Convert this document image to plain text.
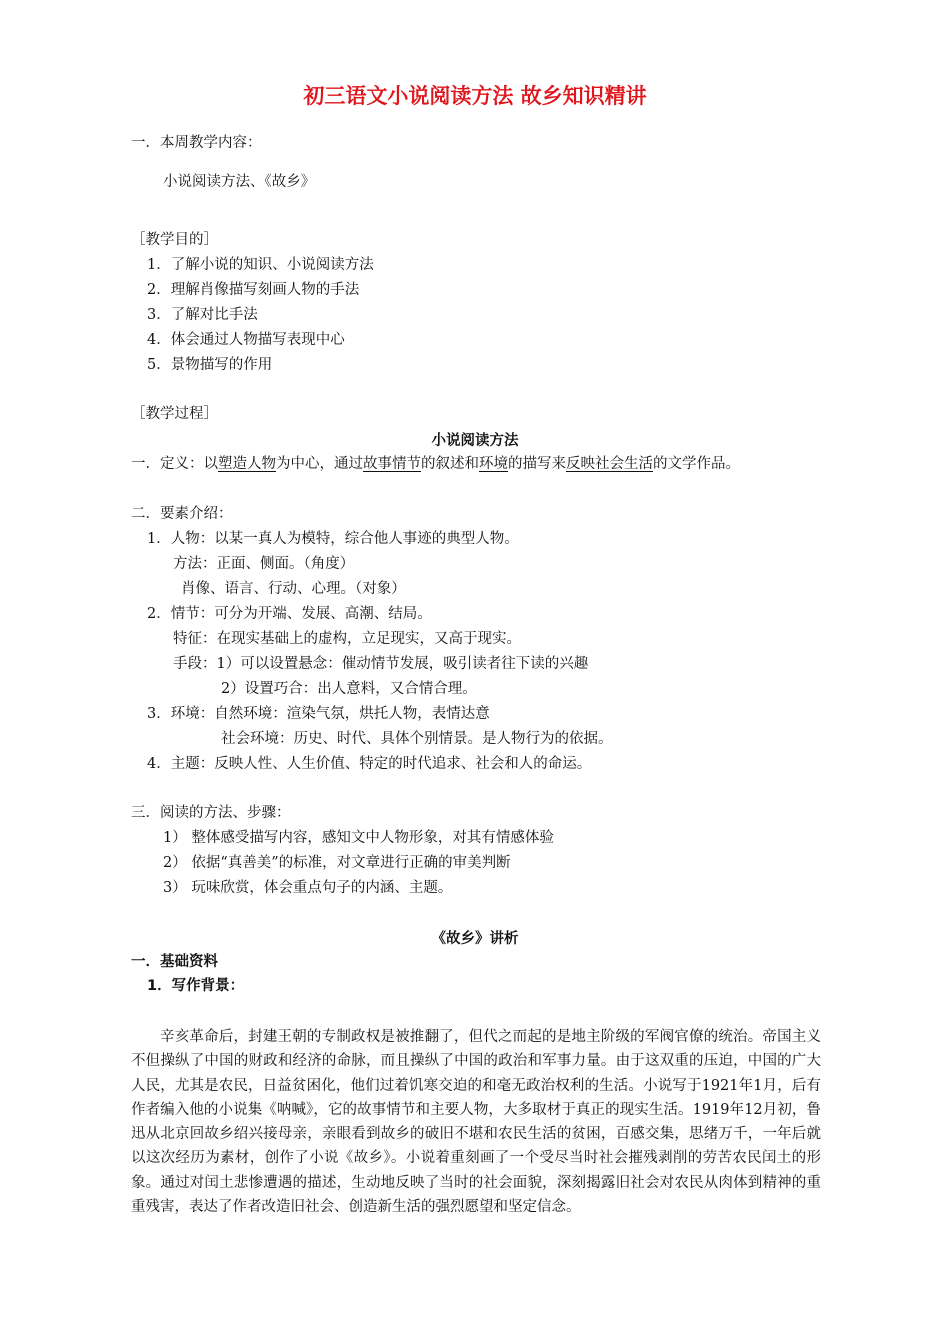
初三语文小说阅读方法 故乡知识精讲
一．本周教学内容：
小说阅读方法、《故乡》
［教学目的］
1．了解小说的知识、小说阅读方法
2．理解肖像描写刻画人物的手法
3．了解对比手法
4．体会通过人物描写表现中心
5．景物描写的作用
［教学过程］
小说阅读方法
一．定义：以塑造人物为中心，通过故事情节的叙述和环境的描写来反映社会生活的文学作品。
二．要素介绍：
1．人物：以某一真人为模特，综合他人事迹的典型人物。
方法：正面、侧面。（角度）
肖像、语言、行动、心理。（对象）
2．情节：可分为开端、发展、高潮、结局。
特征：在现实基础上的虚构，立足现实，又高于现实。
手段：1）可以设置悬念：催动情节发展，吸引读者往下读的兴趣
2）设置巧合：出人意料，又合情合理。
3．环境：自然环境：渲染气氛，烘托人物，表情达意
社会环境：历史、时代、具体个别情景。是人物行为的依据。
4．主题：反映人性、人生价值、特定的时代追求、社会和人的命运。
三．阅读的方法、步骤：
1） 整体感受描写内容，感知文中人物形象，对其有情感体验
2） 依据“真善美”的标准，对文章进行正确的审美判断
3） 玩味欣赏，体会重点句子的内涵、主题。
《故乡》讲析
一．基础资料
1．写作背景：
辛亥革命后，封建王朝的专制政权是被推翻了，但代之而起的是地主阶级的军阀官僚的统治。帝国主义不但操纵了中国的财政和经济的命脉，而且操纵了中国的政治和军事力量。由于这双重的压迫，中国的广大人民，尤其是农民，日益贫困化，他们过着饥寒交迫的和毫无政治权利的生活。小说写于1921年1月，后有作者编入他的小说集《呐喊》，它的故事情节和主要人物，大多取材于真正的现实生活。1919年12月初，鲁迅从北京回故乡绍兴接母亲，亲眼看到故乡的破旧不堪和农民生活的贫困，百感交集，思绪万千，一年后就以这次经历为素材，创作了小说《故乡》。小说着重刻画了一个受尽当时社会摧残剥削的劳苦农民闰土的形象。通过对闰土悲惨遭遇的描述，生动地反映了当时的社会面貌，深刻揭露旧社会对农民从肉体到精神的重重残害，表达了作者改造旧社会、创造新生活的强烈愿望和坚定信念。
